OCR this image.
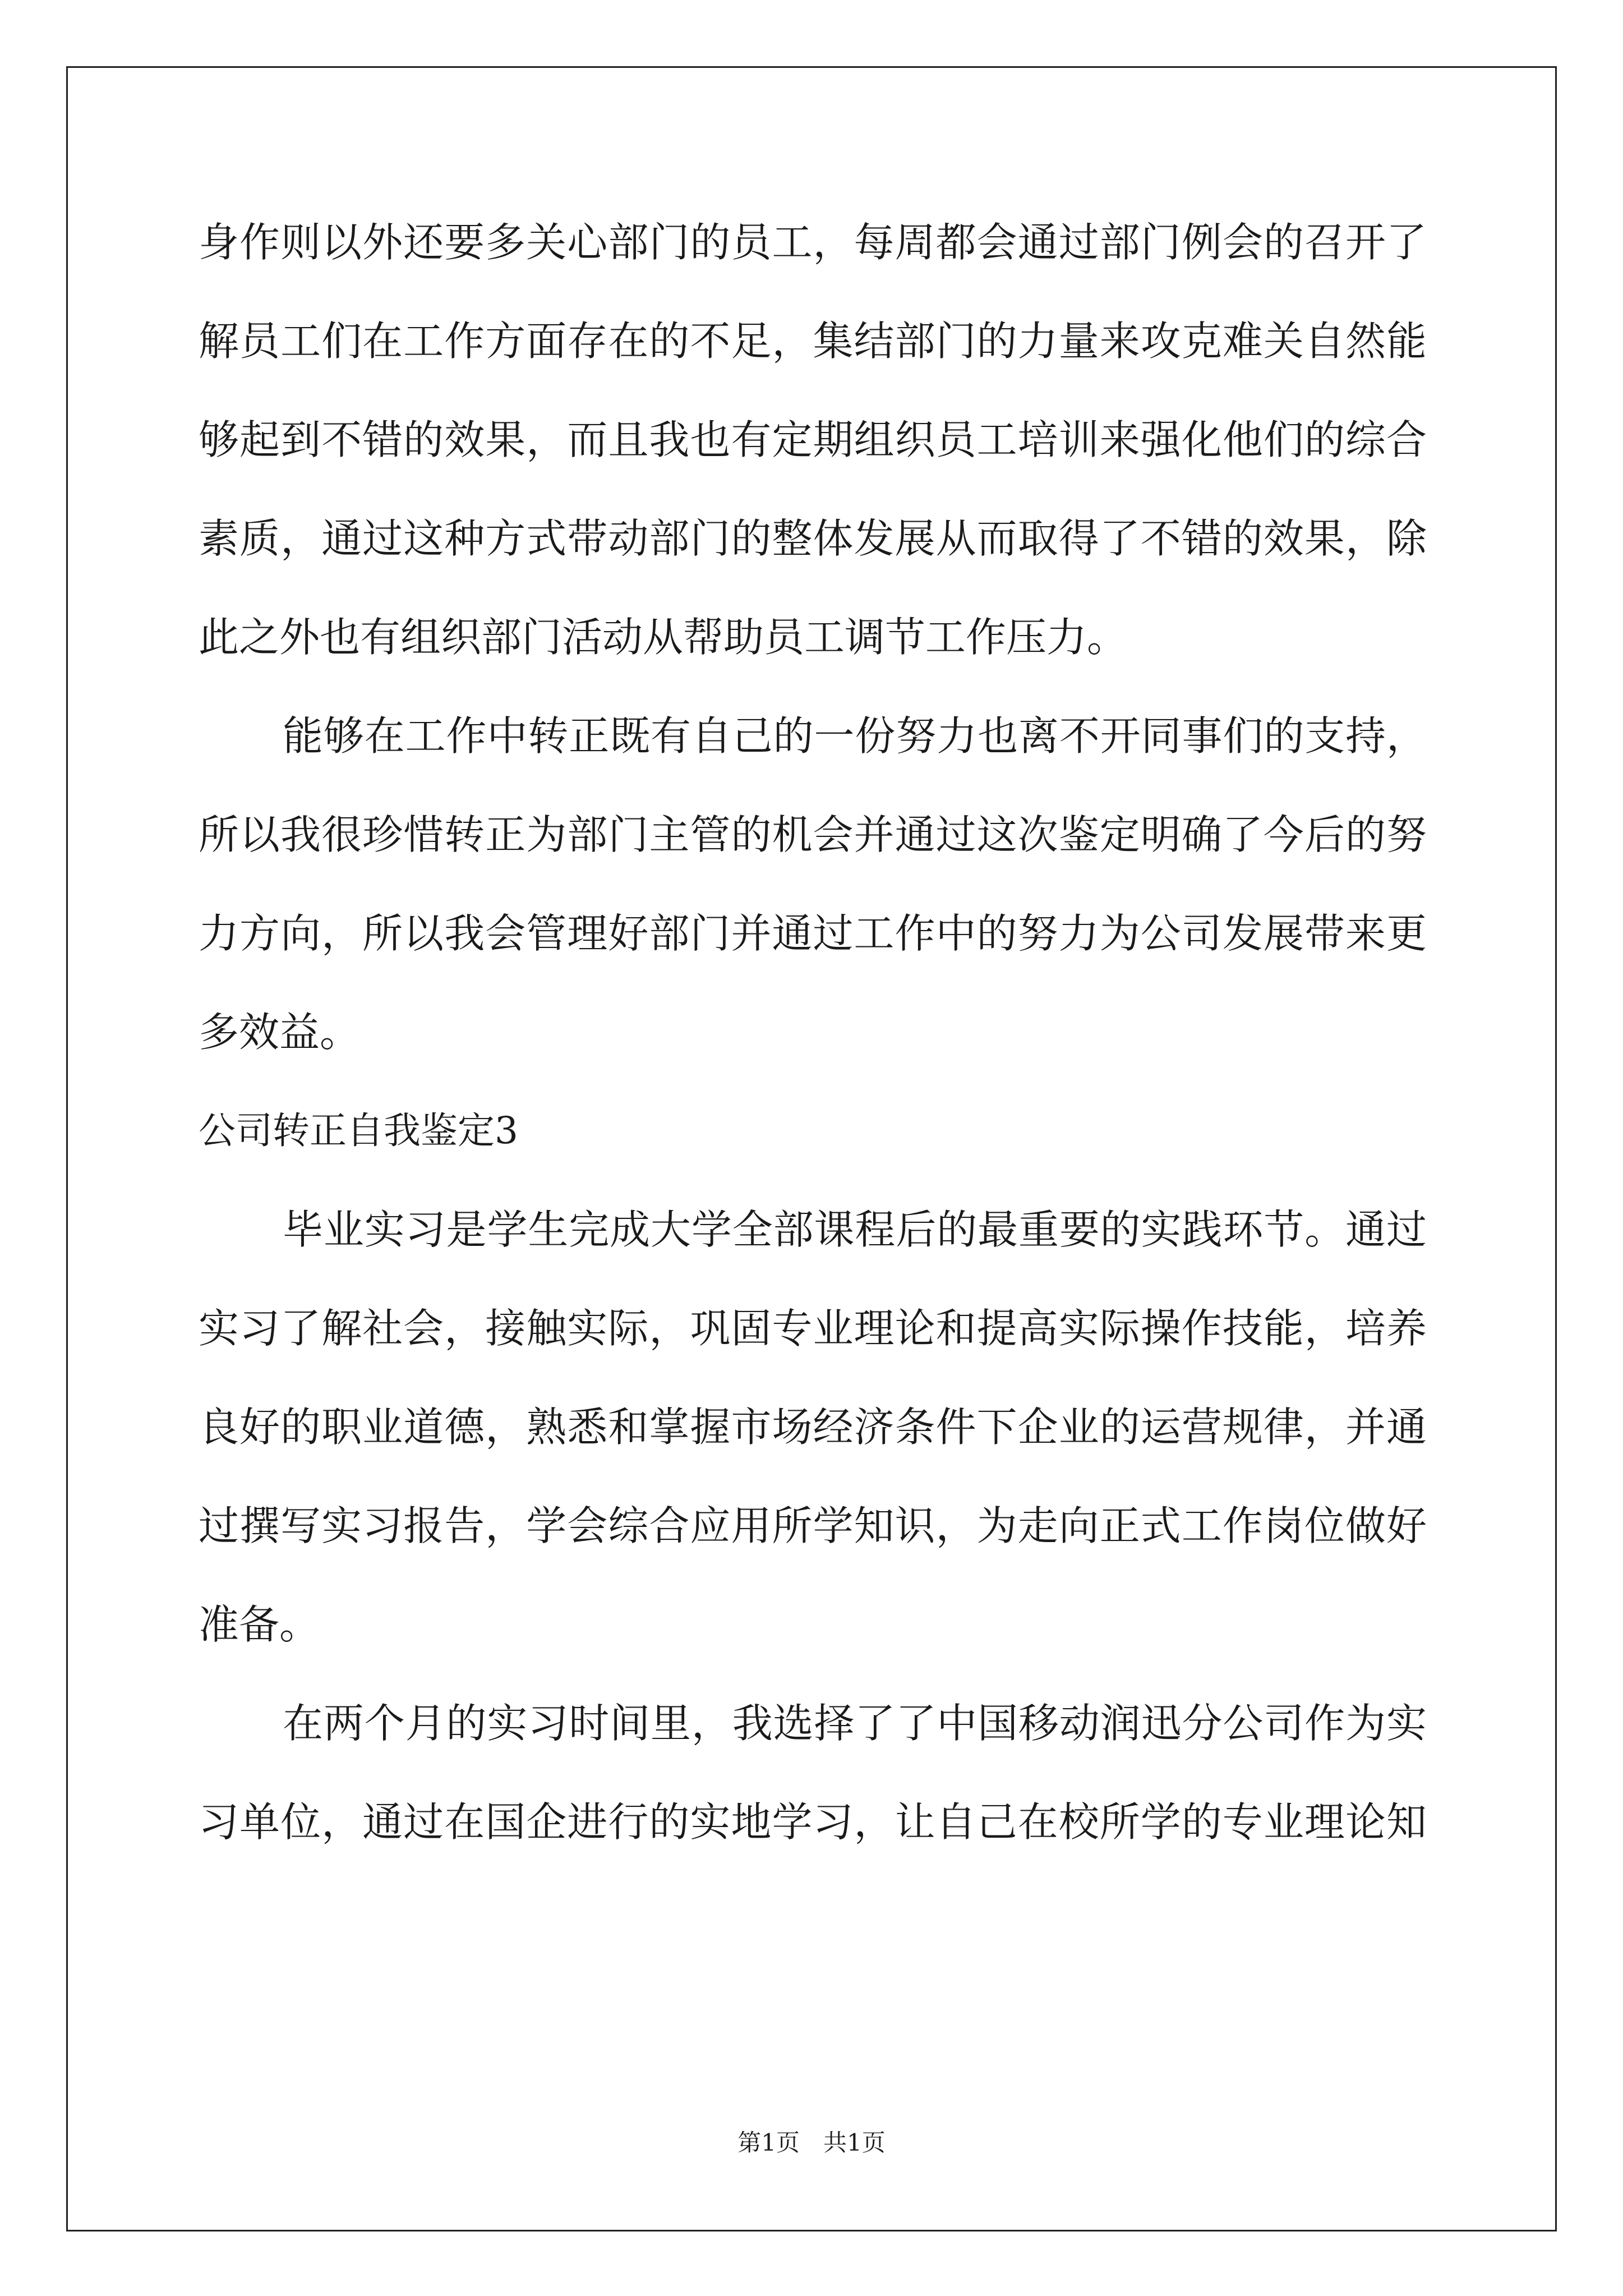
身作则以外还要多关心部门的员工，每周都会通过部门例会的召开了
解员工们在工作方面存在的不足，集结部门的力量来攻克难关自然能
够起到不错的效果，而且我也有定期组织员工培训来强化他们的综合
素质，通过这种方式带动部门的整体发展从而取得了不错的效果，除
此之外也有组织部门活动从帮助员工调节工作压力。
能够在工作中转正既有自己的一份努力也离不开同事们的支持，
所以我很珍惜转正为部门主管的机会并通过这次鉴定明确了今后的努
力方向，所以我会管理好部门并通过工作中的努力为公司发展带来更
多效益。
公司转正自我鉴定3
毕业实习是学生完成大学全部课程后的最重要的实践环节。通过
实习了解社会，接触实际，巩固专业理论和提高实际操作技能，培养
良好的职业道德，熟悉和掌握市场经济条件下企业的运营规律，并通
过撰写实习报告，学会综合应用所学知识，为走向正式工作岗位做好
准备。
在两个月的实习时间里，我选择了了中国移动润迅分公司作为实
习单位，通过在国企进行的实地学习，让自己在校所学的专业理论知
第1页　共1页
